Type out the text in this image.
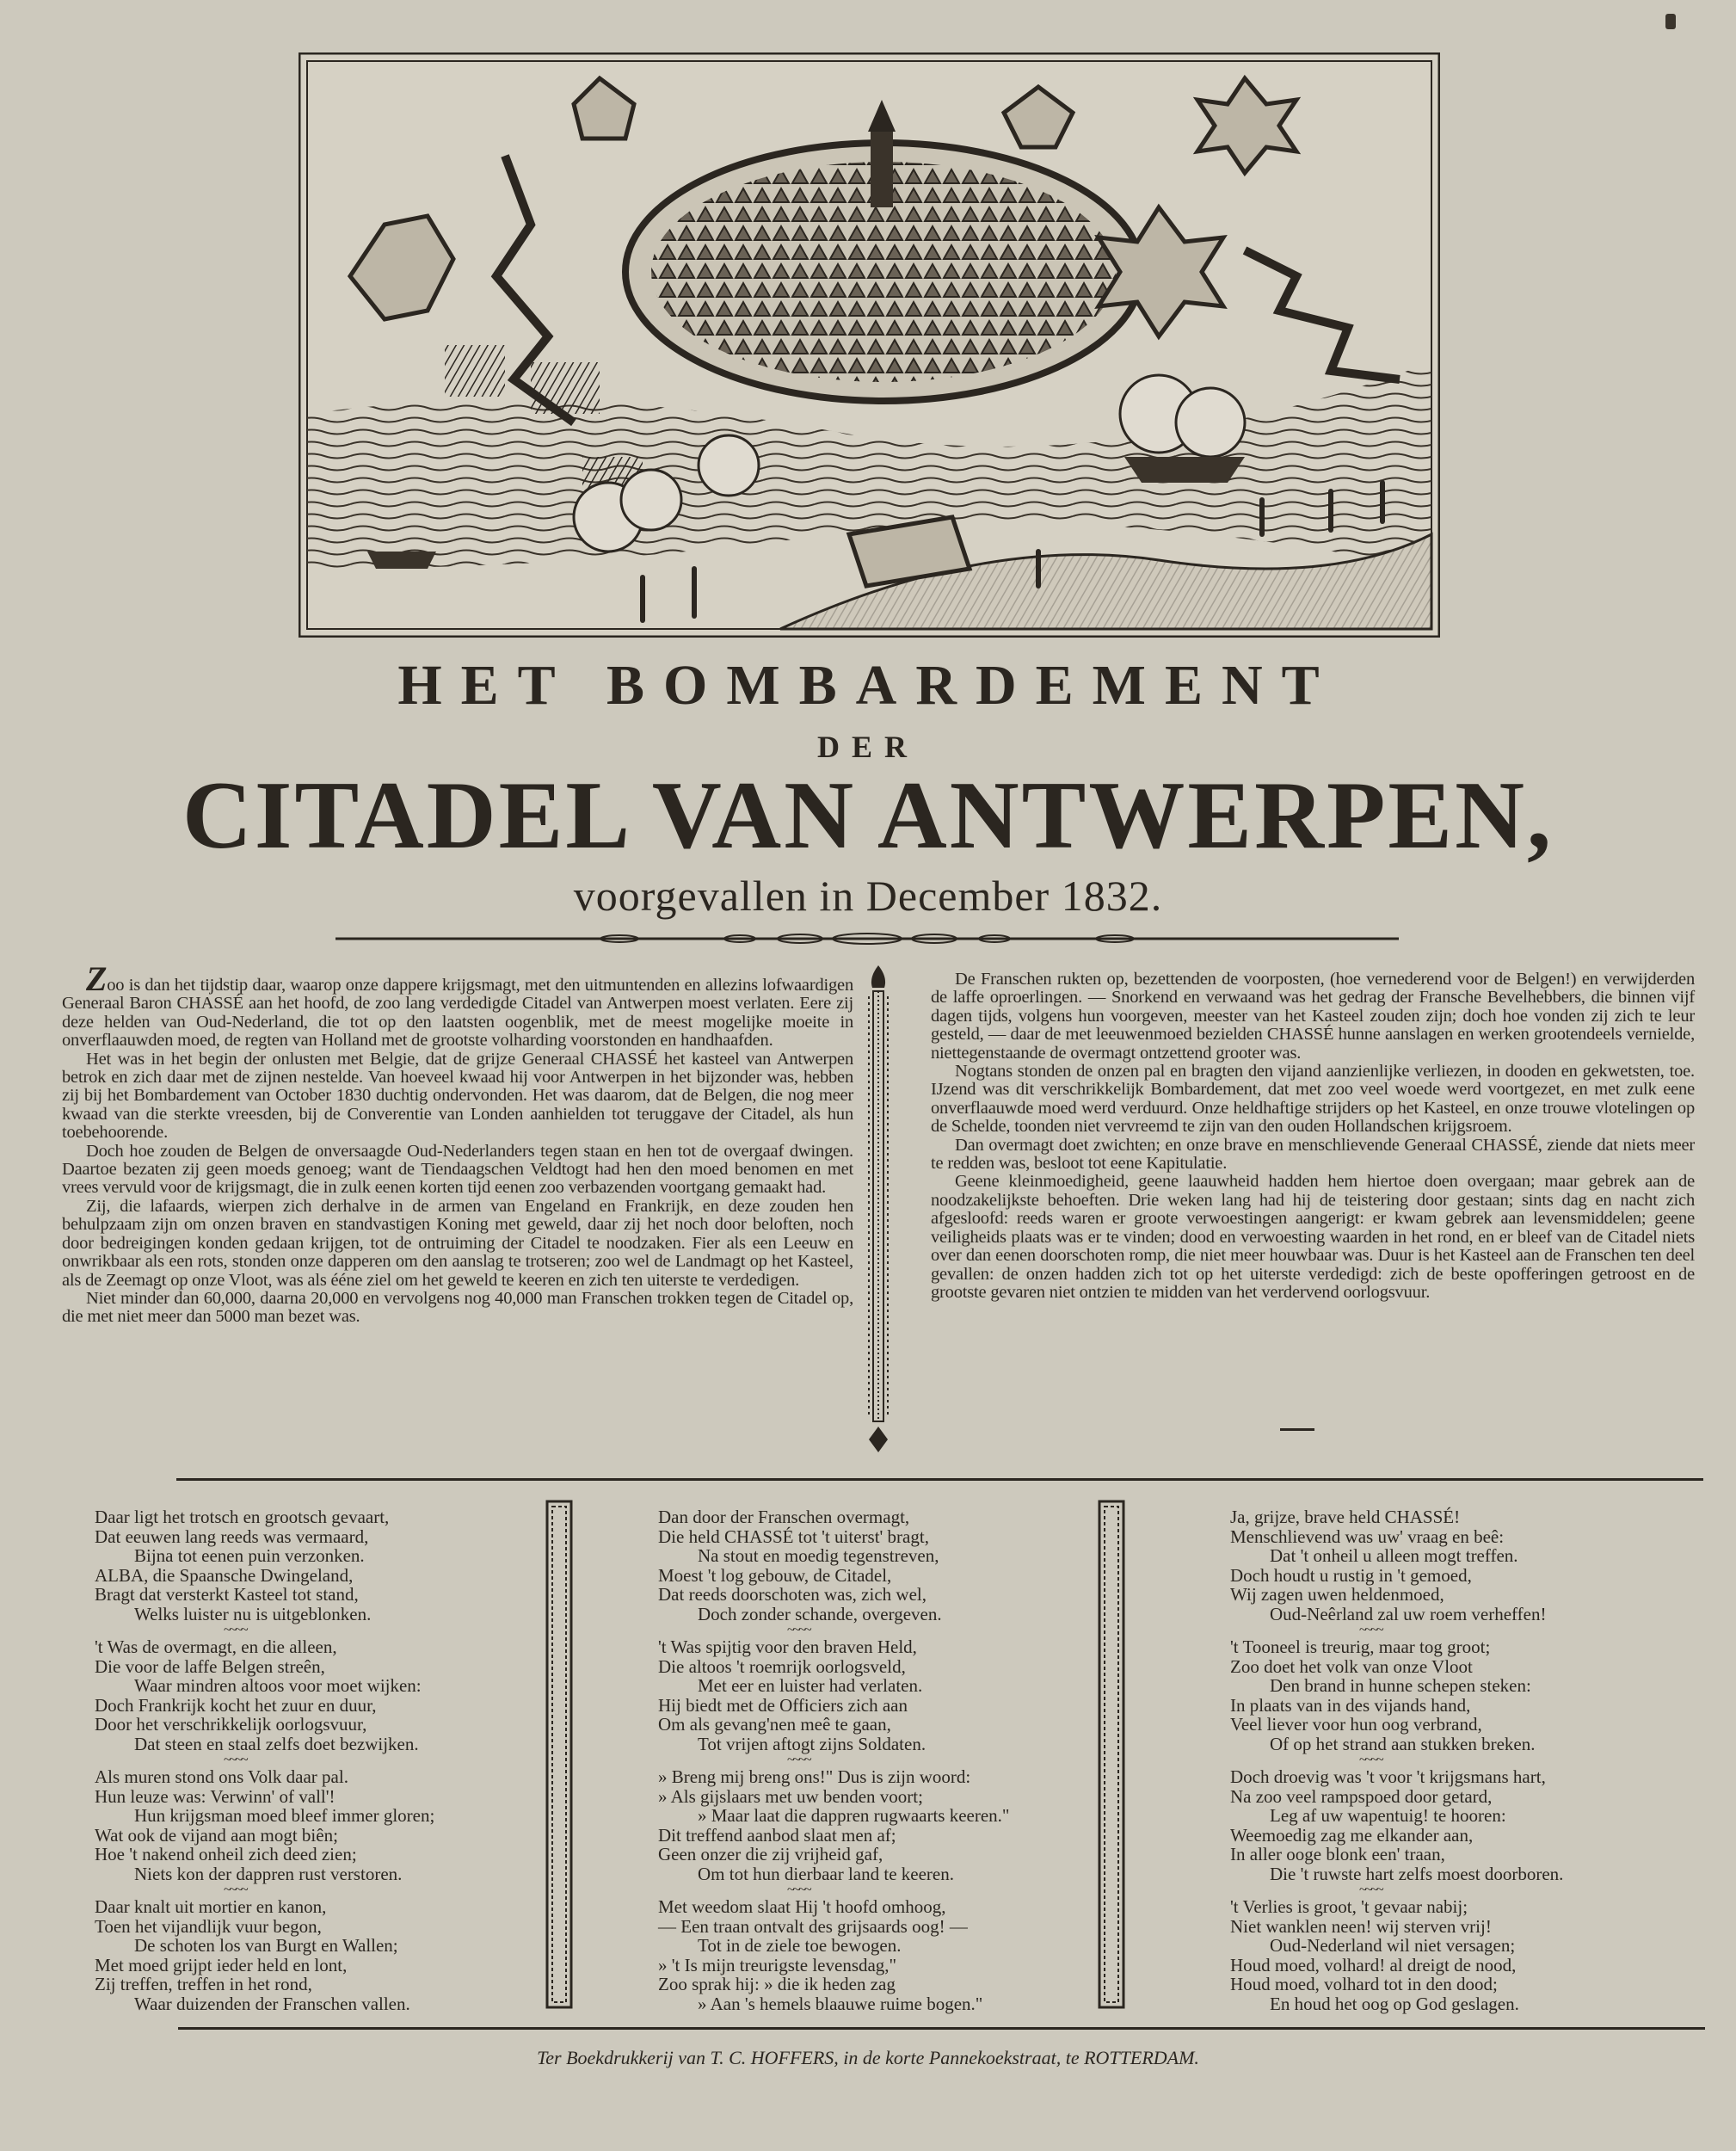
HET BOMBARDEMENT
DER
CITADEL VAN ANTWERPEN,
voorgevallen in December 1832.

Zoo is dan het tijdstip daar, waarop onze dappere krijgsmagt, met den uitmuntenden en allezins lofwaardigen Generaal Baron CHASSÉ aan het hoofd, de zoo lang verdedigde Citadel van Antwerpen moest verlaten. Eere zij deze helden van Oud-Nederland, die tot op den laatsten oogenblik, met de meest mogelijke moeite in onverflaauwden moed, de regten van Holland met de grootste volharding voorstonden en handhaafden.

Het was in het begin der onlusten met Belgie, dat de grijze Generaal CHASSÉ het kasteel van Antwerpen betrok en zich daar met de zijnen nestelde. Van hoeveel kwaad hij voor Antwerpen in het bijzonder was, hebben zij bij het Bombardement van October 1830 duchtig ondervonden. Het was daarom, dat de Belgen, die nog meer kwaad van die sterkte vreesden, bij de Converentie van Londen aanhielden tot teruggave der Citadel, als hun toebehoorende.

Doch hoe zouden de Belgen de onversaagde Oud-Nederlanders tegen staan en hen tot de overgaaf dwingen. Daartoe bezaten zij geen moeds genoeg; want de Tiendaagschen Veldtogt had hen den moed benomen en met vrees vervuld voor de krijgsmagt, die in zulk eenen korten tijd eenen zoo verbazenden voortgang gemaakt had.

Zij, die lafaards, wierpen zich derhalve in de armen van Engeland en Frankrijk, en deze zouden hen behulpzaam zijn om onzen braven en standvastigen Koning met geweld, daar zij het noch door beloften, noch door bedreigingen konden gedaan krijgen, tot de ontruiming der Citadel te noodzaken. Fier als een Leeuw en onwrikbaar als een rots, stonden onze dapperen om den aanslag te trotseren; zoo wel de Landmagt op het Kasteel, als de Zeemagt op onze Vloot, was als ééne ziel om het geweld te keeren en zich ten uiterste te verdedigen.

Niet minder dan 60,000, daarna 20,000 en vervolgens nog 40,000 man Franschen trokken tegen de Citadel op, die met niet meer dan 5000 man bezet was.

De Franschen rukten op, bezettenden de voorposten, (hoe vernederend voor de Belgen!) en verwijderden de laffe oproerlingen. — Snorkend en verwaand was het gedrag der Fransche Bevelhebbers, die binnen vijf dagen tijds, volgens hun voorgeven, meester van het Kasteel zouden zijn; doch hoe vonden zij zich te leur gesteld, — daar de met leeuwenmoed bezielden CHASSÉ hunne aanslagen en werken grootendeels vernielde, niettegenstaande de overmagt ontzettend grooter was.

Nogtans stonden de onzen pal en bragten den vijand aanzienlijke verliezen, in dooden en gekwetsten, toe. IJzend was dit verschrikkelijk Bombardement, dat met zoo veel woede werd voortgezet, en met zulk eene onverflaauwde moed werd verduurd. Onze heldhaftige strijders op het Kasteel, en onze trouwe vlotelingen op de Schelde, toonden niet vervreemd te zijn van den ouden Hollandschen krijgsroem.

Dan overmagt doet zwichten; en onze brave en menschlievende Generaal CHASSÉ, ziende dat niets meer te redden was, besloot tot eene Kapitulatie.

Geene kleinmoedigheid, geene laauwheid hadden hem hiertoe doen overgaan; maar gebrek aan de noodzakelijkste behoeften. Drie weken lang had hij de teistering door gestaan; sints dag en nacht zich afgesloofd: reeds waren er groote verwoestingen aangerigt: er kwam gebrek aan levensmiddelen; geene veiligheids plaats was er te vinden; dood en verwoesting waarden in het rond, en er bleef van de Citadel niets over dan eenen doorschoten romp, die niet meer houwbaar was. Duur is het Kasteel aan de Franschen ten deel gevallen: de onzen hadden zich tot op het uiterste verdedigd: zich de beste opofferingen getroost en de grootste gevaren niet ontzien te midden van het verdervend oorlogsvuur.

Daar ligt het trotsch en grootsch gevaart,
Dat eeuwen lang reeds was vermaard,
Bijna tot eenen puin verzonken.
ALBA, die Spaansche Dwingeland,
Bragt dat versterkt Kasteel tot stand,
Welks luister nu is uitgeblonken.
~~~~
't Was de overmagt, en die alleen,
Die voor de laffe Belgen streên,
Waar mindren altoos voor moet wijken:
Doch Frankrijk kocht het zuur en duur,
Door het verschrikkelijk oorlogsvuur,
Dat steen en staal zelfs doet bezwijken.
~~~~
Als muren stond ons Volk daar pal.
Hun leuze was: Verwinn' of vall'!
Hun krijgsman moed bleef immer gloren;
Wat ook de vijand aan mogt biên;
Hoe 't nakend onheil zich deed zien;
Niets kon der dappren rust verstoren.
~~~~
Daar knalt uit mortier en kanon,
Toen het vijandlijk vuur begon,
De schoten los van Burgt en Wallen;
Met moed grijpt ieder held en lont,
Zij treffen, treffen in het rond,
Waar duizenden der Franschen vallen.
Dan door der Franschen overmagt,
Die held CHASSÉ tot 't uiterst' bragt,
Na stout en moedig tegenstreven,
Moest 't log gebouw, de Citadel,
Dat reeds doorschoten was, zich wel,
Doch zonder schande, overgeven.
~~~~
't Was spijtig voor den braven Held,
Die altoos 't roemrijk oorlogsveld,
Met eer en luister had verlaten.
Hij biedt met de Officiers zich aan
Om als gevang'nen meê te gaan,
Tot vrijen aftogt zijns Soldaten.
~~~~
» Breng mij breng ons!" Dus is zijn woord:
» Als gijslaars met uw benden voort;
» Maar laat die dappren rugwaarts keeren."
Dit treffend aanbod slaat men af;
Geen onzer die zij vrijheid gaf,
Om tot hun dierbaar land te keeren.
~~~~
Met weedom slaat Hij 't hoofd omhoog,
— Een traan ontvalt des grijsaards oog! —
Tot in de ziele toe bewogen.
» 't Is mijn treurigste levensdag,"
Zoo sprak hij: » die ik heden zag
» Aan 's hemels blaauwe ruime bogen."
Ja, grijze, brave held CHASSÉ!
Menschlievend was uw' vraag en beê:
Dat 't onheil u alleen mogt treffen.
Doch houdt u rustig in 't gemoed,
Wij zagen uwen heldenmoed,
Oud-Neêrland zal uw roem verheffen!
~~~~
't Tooneel is treurig, maar tog groot;
Zoo doet het volk van onze Vloot
Den brand in hunne schepen steken:
In plaats van in des vijands hand,
Veel liever voor hun oog verbrand,
Of op het strand aan stukken breken.
~~~~
Doch droevig was 't voor 't krijgsmans hart,
Na zoo veel rampspoed door getard,
Leg af uw wapentuig! te hooren:
Weemoedig zag me elkander aan,
In aller ooge blonk een' traan,
Die 't ruwste hart zelfs moest doorboren.
~~~~
't Verlies is groot, 't gevaar nabij;
Niet wanklen neen! wij sterven vrij!
Oud-Nederland wil niet versagen;
Houd moed, volhard! al dreigt de nood,
Houd moed, volhard tot in den dood;
En houd het oog op God geslagen.
Ter Boekdrukkerij van T. C. HOFFERS, in de korte Pannekoekstraat, te ROTTERDAM.
